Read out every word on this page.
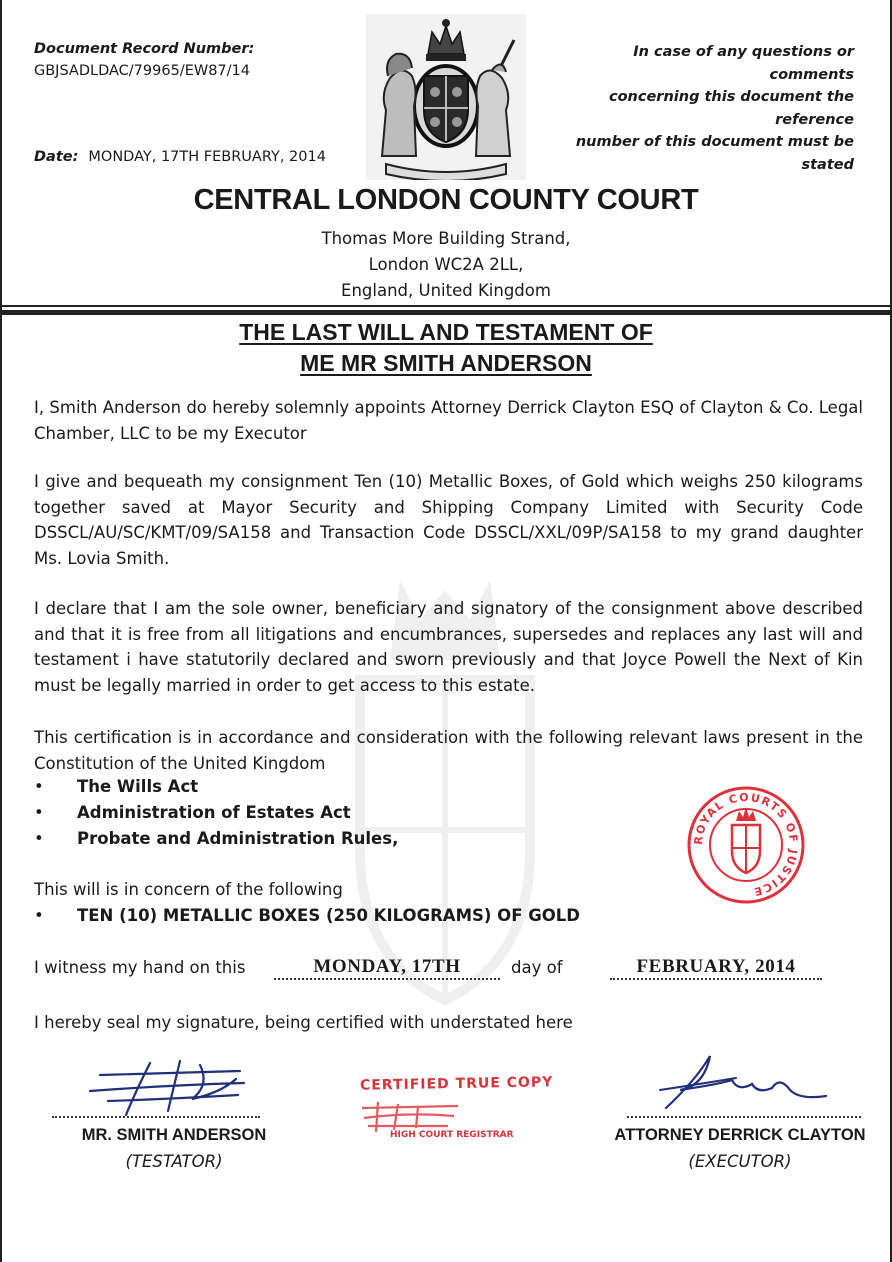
Document Record Number:
GBJSADLDAC/79965/EW87/14
Date: MONDAY, 17TH FEBRUARY, 2014
In case of any questions or comments
concerning this document the reference
number of this document must be stated
CENTRAL LONDON COUNTY COURT
Thomas More Building Strand,
London WC2A 2LL,
England, United Kingdom
THE LAST WILL AND TESTAMENT OF
ME MR SMITH ANDERSON

I, Smith Anderson do hereby solemnly appoints Attorney Derrick Clayton ESQ of Clayton & Co. Legal Chamber, LLC to be my Executor

I give and bequeath my consignment Ten (10) Metallic Boxes, of Gold which weighs 250 kilograms together saved at Mayor Security and Shipping Company Limited with Security Code DSSCL/AU/SC/KMT/09/SA158 and Transaction Code DSSCL/XXL/09P/SA158 to my grand daughter Ms. Lovia Smith.

I declare that I am the sole owner, beneficiary and signatory of the consignment above described and that it is free from all litigations and encumbrances, supersedes and replaces any last will and testament i have statutorily declared and sworn previously and that Joyce Powell the Next of Kin must be legally married in order to get access to this estate.

This certification is in accordance and consideration with the following relevant laws present in the Constitution of the United Kingdom

• The Wills Act
• Administration of Estates Act
• Probate and Administration Rules,
This will is in concern of the following
• TEN (10) METALLIC BOXES (250 KILOGRAMS) OF GOLD
I witness my hand on this	MONDAY, 17TH	day of	FEBRUARY, 2014
I hereby seal my signature, being certified with understated here
ROYAL COURTS OF JUSTICE
MR. SMITH ANDERSON
(TESTATOR)
CERTIFIED TRUE COPY
HIGH COURT REGISTRAR	ATTORNEY DERRICK CLAYTON
(EXECUTOR)
